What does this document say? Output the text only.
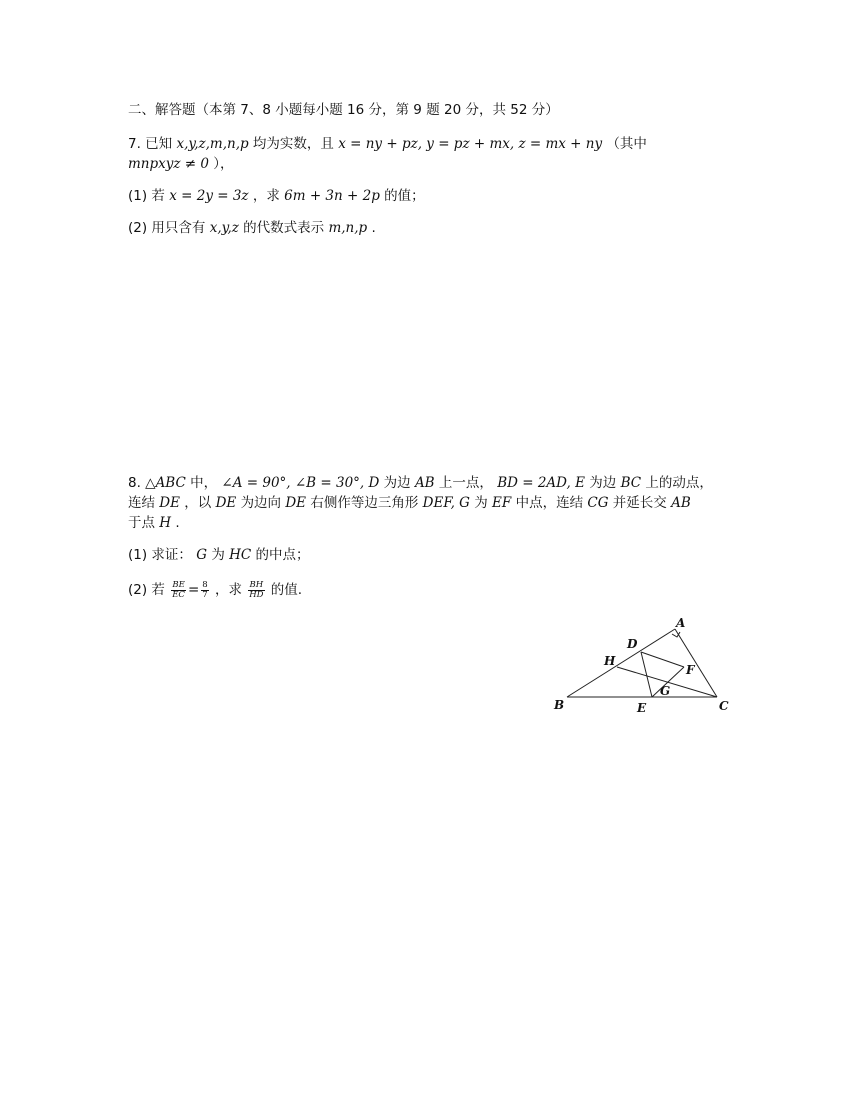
二、解答题（本第 7、8 小题每小题 16 分，第 9 题 20 分，共 52 分）
7. 已知 x,y,z,m,n,p 均为实数，且 x = ny + pz, y = pz + mx, z = mx + ny （其中
mnpxyz ≠ 0 ），
(1) 若 x = 2y = 3z ，求 6m + 3n + 2p 的值；
(2) 用只含有 x,y,z 的代数式表示 m,n,p .
8. △ABC 中， ∠A = 90°, ∠B = 30°, D 为边 AB 上一点， BD = 2AD, E 为边 BC 上的动点，
连结 DE ，以 DE 为边向 DE 右侧作等边三角形 DEF, G 为 EF 中点，连结 CG 并延长交 AB
于点 H .
(1) 求证： G 为 HC 的中点；
(2) 若 $\frac{BE}{EC} = \frac{8}{7}$ ，求 $\frac{BH}{HD}$ 的值.
A
D
H
F
G
B	E	C
